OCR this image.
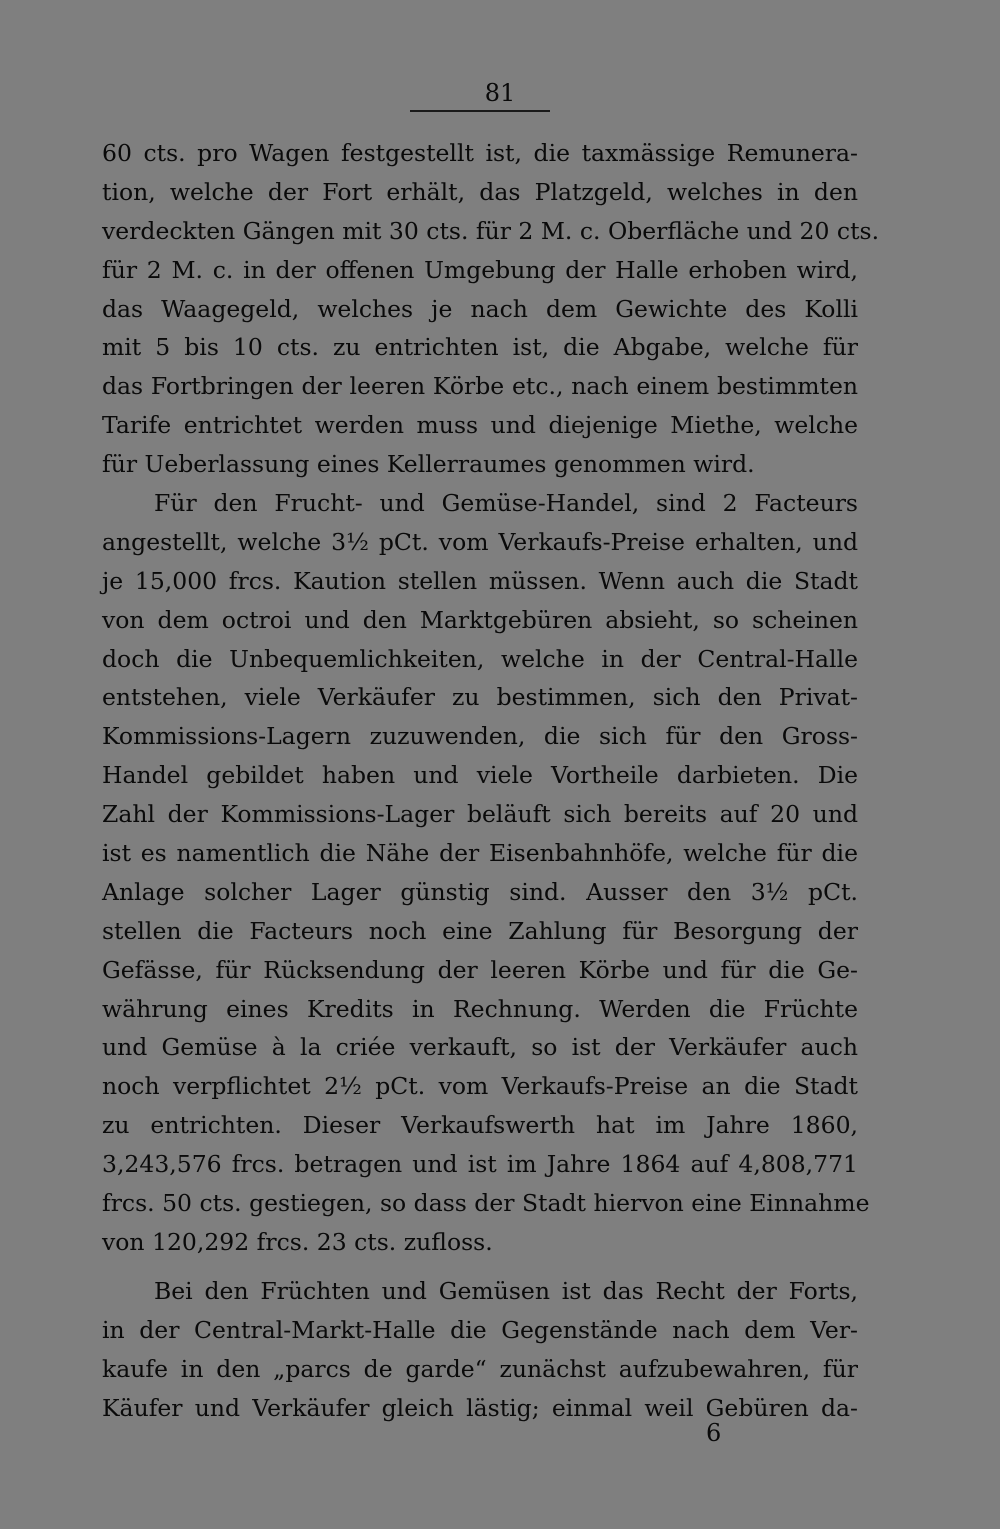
81
60 cts. pro Wagen festgestellt ist, die taxmässige Remunera-
tion, welche der Fort erhält, das Platzgeld, welches in den
verdeckten Gängen mit 30 cts. für 2 M. c. Oberfläche und 20 cts.
für 2 M. c. in der offenen Umgebung der Halle erhoben wird,
das Waagegeld, welches je nach dem Gewichte des Kolli
mit 5 bis 10 cts. zu entrichten ist, die Abgabe, welche für
das Fortbringen der leeren Körbe etc., nach einem bestimmten
Tarife entrichtet werden muss und diejenige Miethe, welche
für Ueberlassung eines Kellerraumes genommen wird.
Für den Frucht- und Gemüse-Handel, sind 2 Facteurs
angestellt, welche 3½ pCt. vom Verkaufs-Preise erhalten, und
je 15,000 frcs. Kaution stellen müssen. Wenn auch die Stadt
von dem octroi und den Marktgebüren absieht, so scheinen
doch die Unbequemlichkeiten, welche in der Central-Halle
entstehen, viele Verkäufer zu bestimmen, sich den Privat-
Kommissions-Lagern zuzuwenden, die sich für den Gross-
Handel gebildet haben und viele Vortheile darbieten. Die
Zahl der Kommissions-Lager beläuft sich bereits auf 20 und
ist es namentlich die Nähe der Eisenbahnhöfe, welche für die
Anlage solcher Lager günstig sind. Ausser den 3½ pCt.
stellen die Facteurs noch eine Zahlung für Besorgung der
Gefässe, für Rücksendung der leeren Körbe und für die Ge-
währung eines Kredits in Rechnung. Werden die Früchte
und Gemüse à la criée verkauft, so ist der Verkäufer auch
noch verpflichtet 2½ pCt. vom Verkaufs-Preise an die Stadt
zu entrichten. Dieser Verkaufswerth hat im Jahre 1860,
3,243,576 frcs. betragen und ist im Jahre 1864 auf 4,808,771
frcs. 50 cts. gestiegen, so dass der Stadt hiervon eine Einnahme
von 120,292 frcs. 23 cts. zufloss.
Bei den Früchten und Gemüsen ist das Recht der Forts,
in der Central-Markt-Halle die Gegenstände nach dem Ver-
kaufe in den „parcs de garde“ zunächst aufzubewahren, für
Käufer und Verkäufer gleich lästig; einmal weil Gebüren da-
6
